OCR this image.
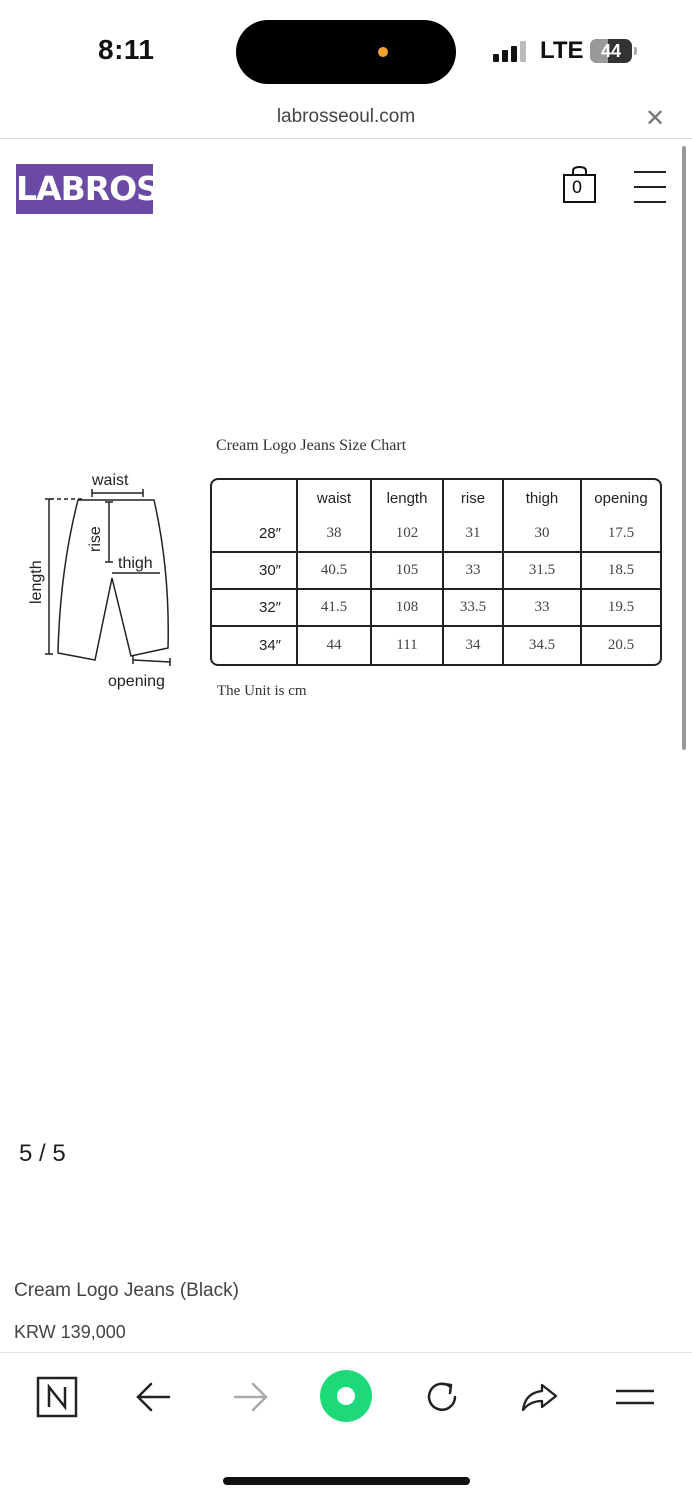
8:11	LTE 44
labrosseoul.com	✕
LABROS	0
waist
rise
thigh
length
opening
Cream Logo Jeans Size Chart
	waist	length	rise	thigh	opening
28″	38	102	31	30	17.5
30″	40.5	105	33	31.5	18.5
32″	41.5	108	33.5	33	19.5
34″	44	111	34	34.5	20.5
The Unit is cm
5 / 5
Cream Logo Jeans (Black)
KRW 139,000
